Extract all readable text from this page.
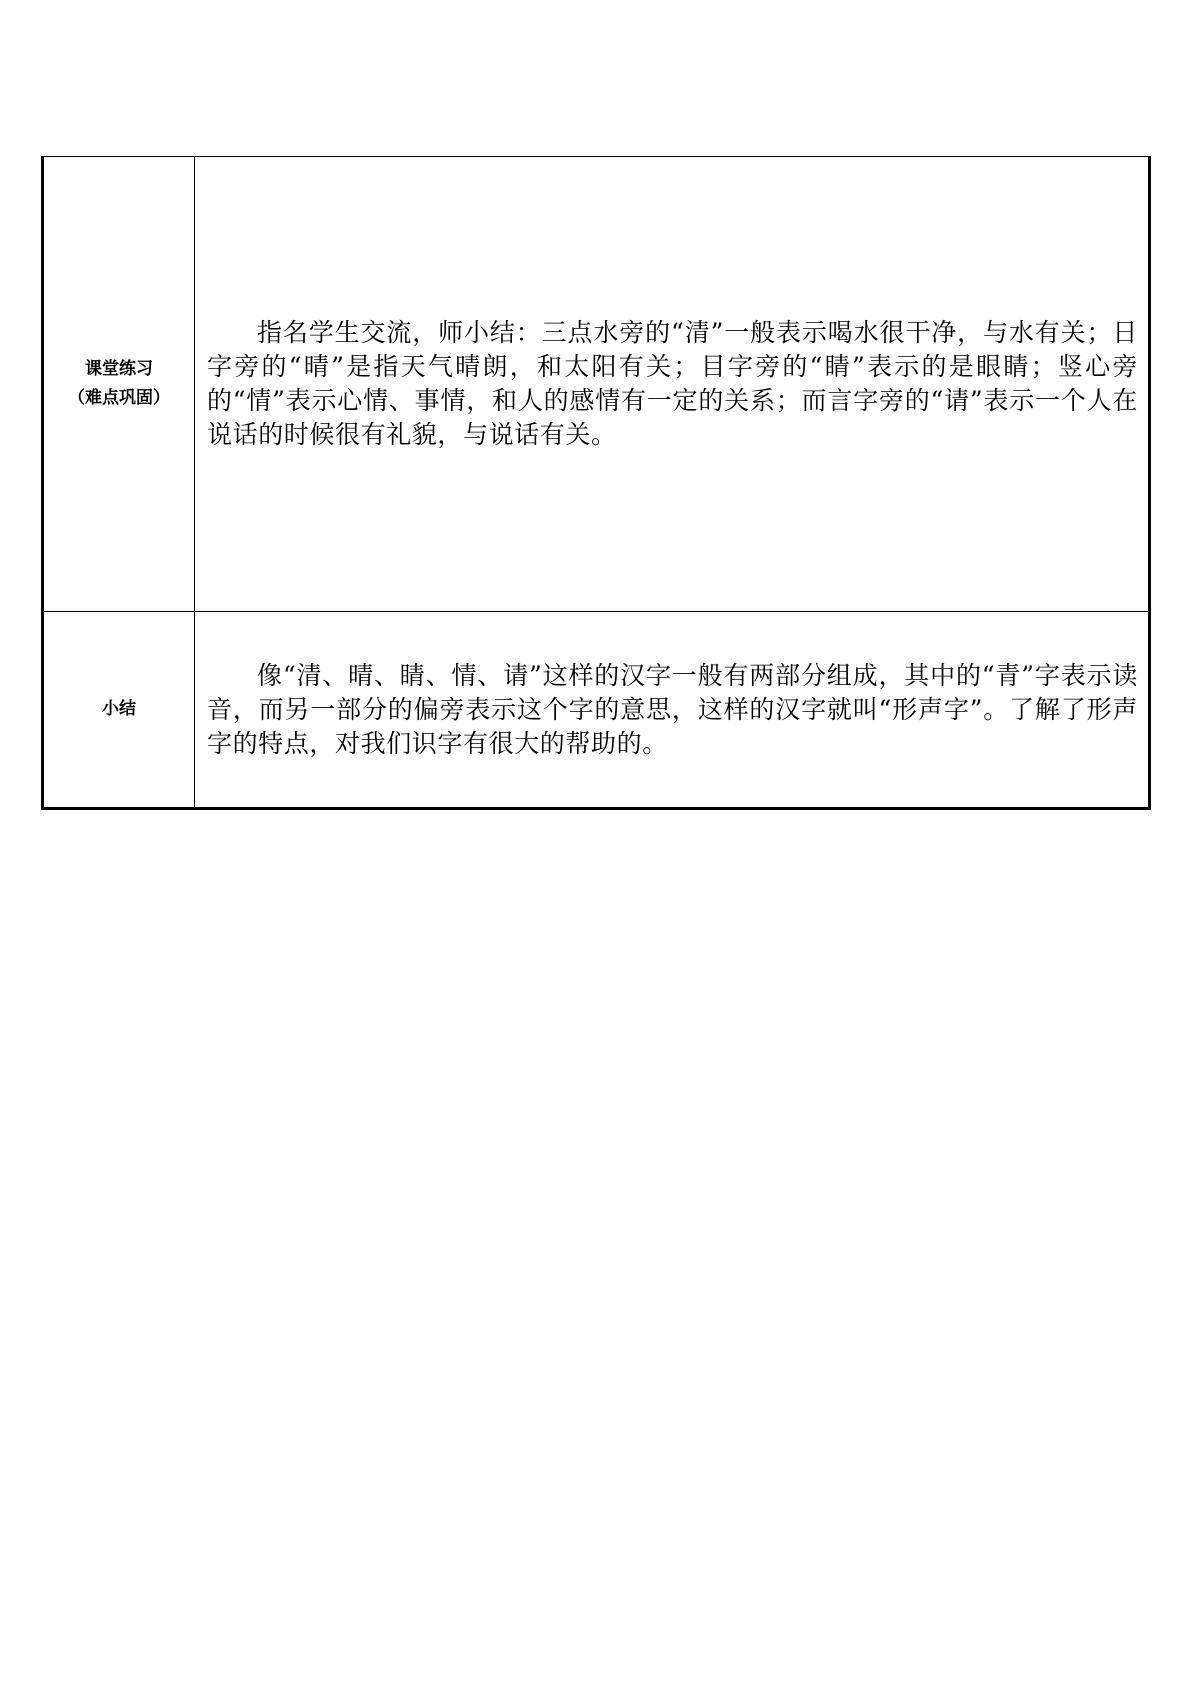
课堂练习
（难点巩固）	指名学生交流，师小结：三点水旁的“清”一般表示喝水很干净，与水有关；日字旁的“晴”是指天气晴朗，和太阳有关；目字旁的“睛”表示的是眼睛；竖心旁的“情”表示心情、事情，和人的感情有一定的关系；而言字旁的“请”表示一个人在说话的时候很有礼貌，与说话有关。

小结	像“清、晴、睛、情、请”这样的汉字一般有两部分组成，其中的“青”字表示读音，而另一部分的偏旁表示这个字的意思，这样的汉字就叫“形声字”。了解了形声字的特点，对我们识字有很大的帮助的。
